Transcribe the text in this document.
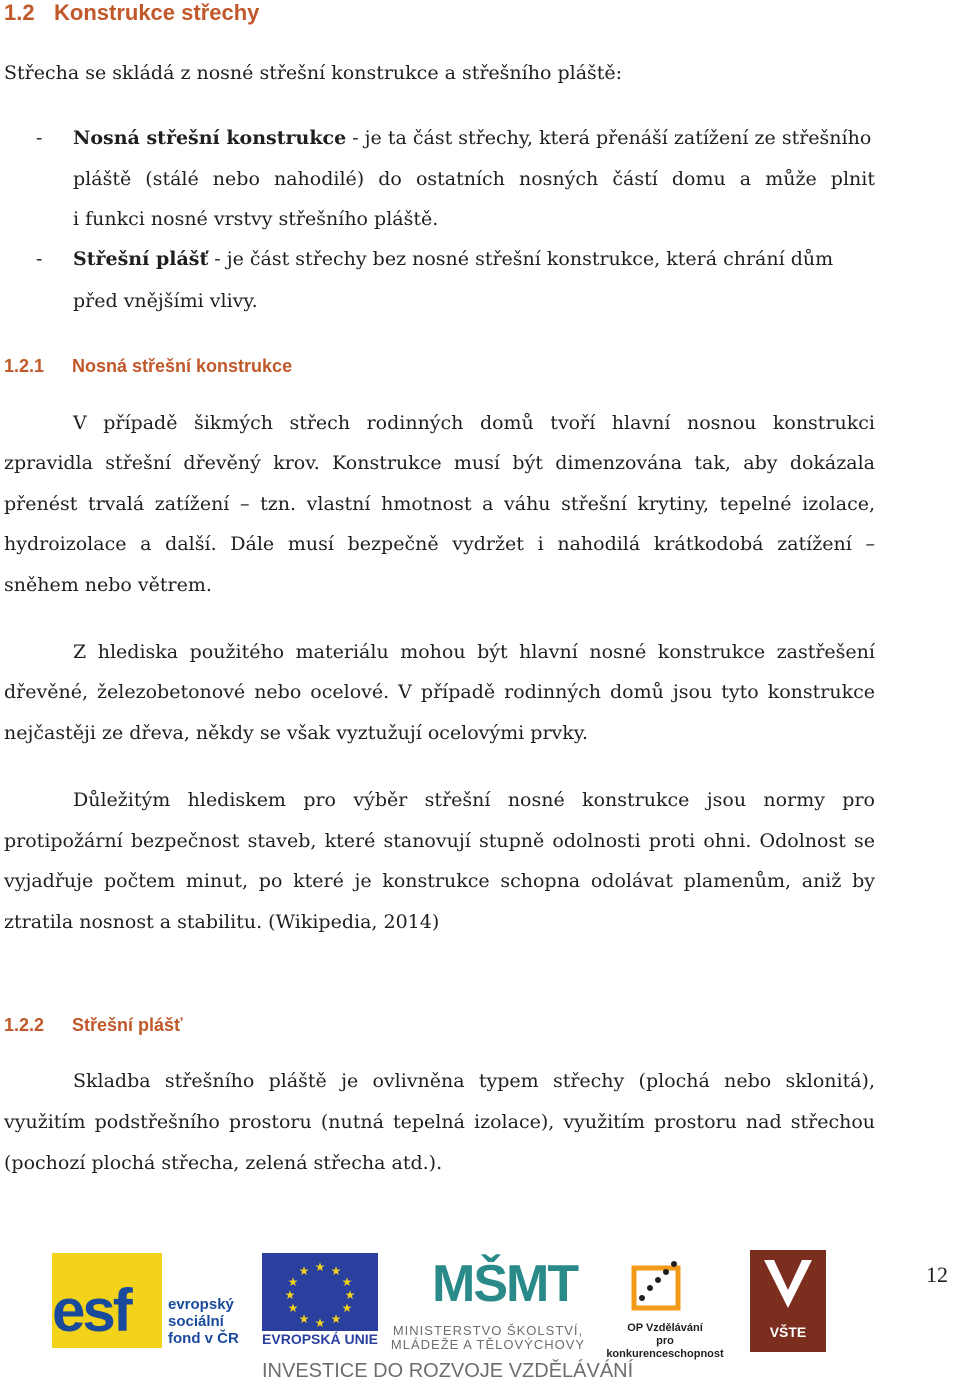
1.2 Konstrukce střechy
Střecha se skládá z nosné střešní konstrukce a střešního pláště:
- Nosná střešní konstrukce - je ta část střechy, která přenáší zatížení ze střešního
pláště (stálé nebo nahodilé) do ostatních nosných částí domu a může plnit
i funkci nosné vrstvy střešního pláště.
- Střešní plášť - je část střechy bez nosné střešní konstrukce, která chrání dům
před vnějšími vlivy.
1.2.1 Nosná střešní konstrukce
V případě šikmých střech rodinných domů tvoří hlavní nosnou konstrukci
zpravidla střešní dřevěný krov. Konstrukce musí být dimenzována tak, aby dokázala
přenést trvalá zatížení – tzn. vlastní hmotnost a váhu střešní krytiny, tepelné izolace,
hydroizolace a další. Dále musí bezpečně vydržet i nahodilá krátkodobá zatížení –
sněhem nebo větrem.
Z hlediska použitého materiálu mohou být hlavní nosné konstrukce zastřešení
dřevěné, železobetonové nebo ocelové. V případě rodinných domů jsou tyto konstrukce
nejčastěji ze dřeva, někdy se však vyztužují ocelovými prvky.
Důležitým hlediskem pro výběr střešní nosné konstrukce jsou normy pro
protipožární bezpečnost staveb, které stanovují stupně odolnosti proti ohni. Odolnost se
vyjadřuje počtem minut, po které je konstrukce schopna odolávat plamenům, aniž by
ztratila nosnost a stabilitu. (Wikipedia, 2014)
1.2.2 Střešní plášť
Skladba střešního pláště je ovlivněna typem střechy (plochá nebo sklonitá),
využitím podstřešního prostoru (nutná tepelná izolace), využitím prostoru nad střechou
(pochozí plochá střecha, zelená střecha atd.).
esf	evropský
sociální
fond v ČR
★ ★
★
★
★
★
★
★
★
★
★
★
EVROPSKÁ UNIE
MŠMT
MINISTERSTVO ŠKOLSTVÍ,
MLÁDEŽE A TĚLOVÝCHOVY
OP Vzdělávání
pro konkurenceschopnost
VŠTE
INVESTICE DO ROZVOJE VZDĚLÁVÁNÍ
12
